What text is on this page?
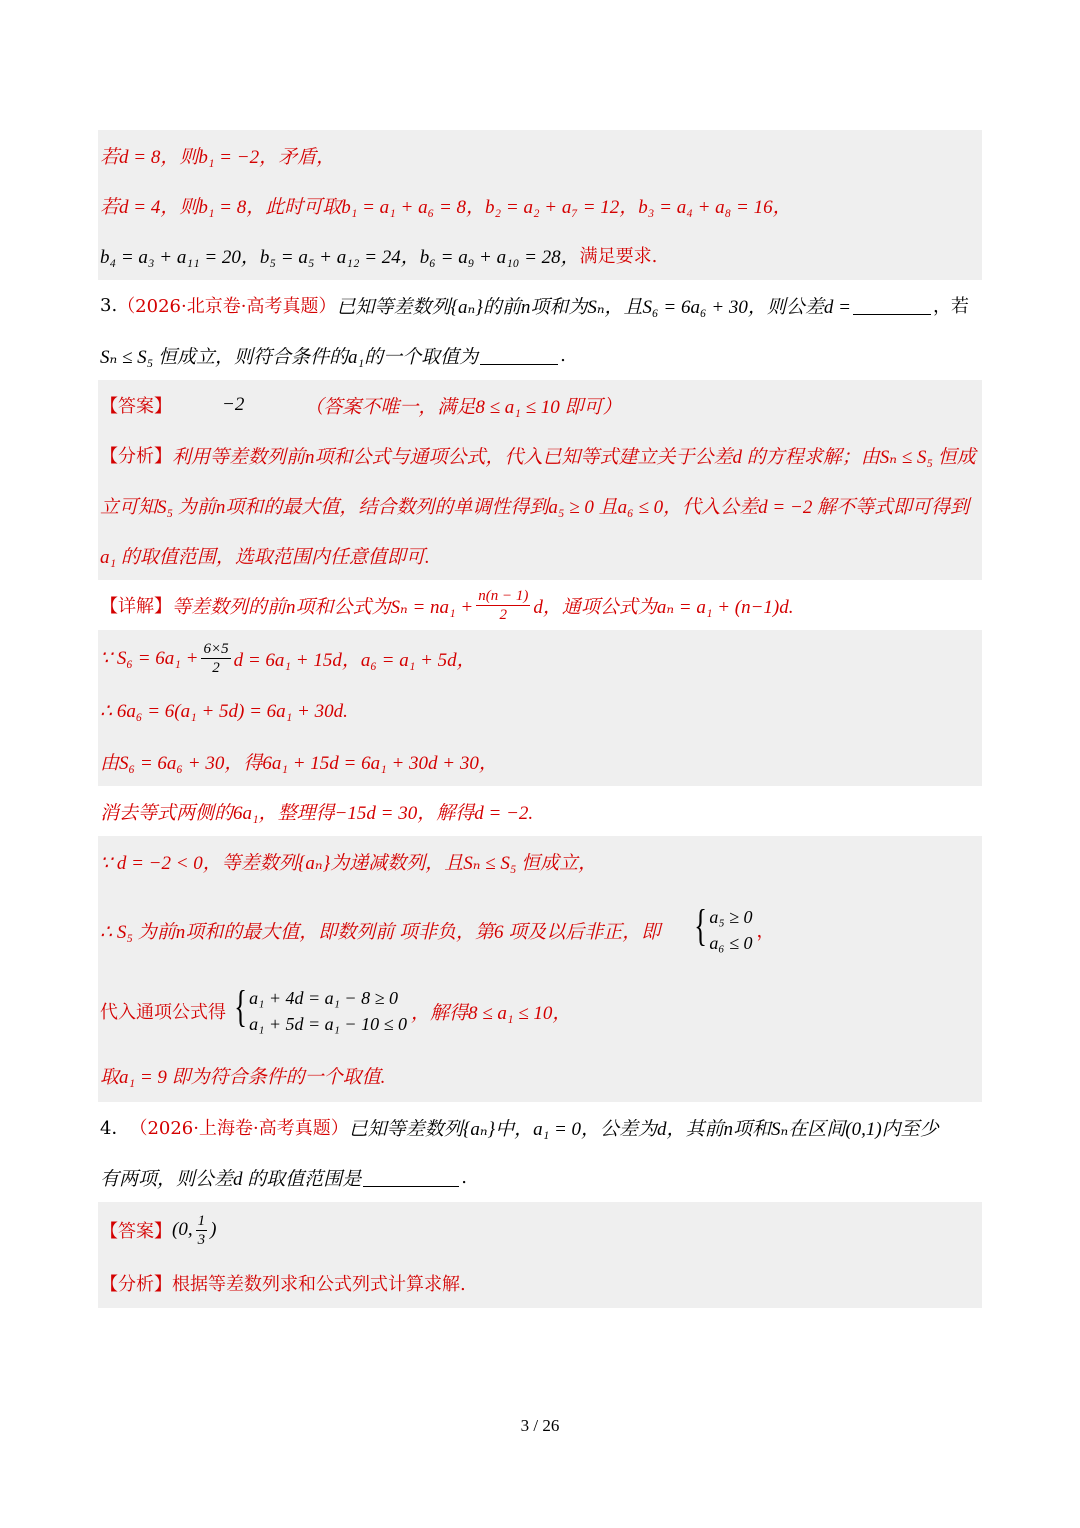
若d = 8，则b₁ = −2，矛盾，
若d = 4，则b₁ = 8，此时可取b₁ = a₁ + a₆ = 8，b₂ = a₂ + a₇ = 12，b₃ = a₄ + a₈ = 16，
b₄ = a₃ + a₁₁ = 20，b₅ = a₅ + a₁₂ = 24，b₆ = a₉ + a₁₀ = 28， 满足要求.
3. （2026·北京卷·高考真题） 已知等差数列{aₙ}的前n项和为Sₙ，且S₆ = 6a₆ + 30，则公差d =	，若
Sₙ ≤ S₅ 恒成立，则符合条件的a₁的一个取值为	.
【答案】	−2	（答案不唯一，满足8 ≤ a₁ ≤ 10 即可）
【分析】 利用等差数列前n项和公式与通项公式，代入已知等式建立关于公差d 的方程求解；由Sₙ ≤ S₅ 恒成
立可知S₅ 为前n项和的最大值，结合数列的单调性得到a₅ ≥ 0 且a₆ ≤ 0，代入公差d = −2 解不等式即可得到
a₁ 的取值范围，选取范围内任意值即可.
【详解】 等差数列的前n项和公式为$S_n = na_1 + \frac{n(n - 1)}{2}$ d，通项公式为aₙ = a₁ + (n−1)d.
∵ $S_6 = 6a_1 + \frac{6\times 5}{2}$ d = 6a₁ + 15d，a₆ = a₁ + 5d，
∴ 6a₆ = 6(a₁ + 5d) = 6a₁ + 30d.
由S₆ = 6a₆ + 30，得6a₁ + 15d = 6a₁ + 30d + 30，
消去等式两侧的6a₁，整理得−15d = 30，解得d = −2.
∵ d = −2 < 0，等差数列{aₙ}为递减数列，且Sₙ ≤ S₅ 恒成立，
∴ S₅ 为前n项和的最大值，即数列前 项非负，第6 项及以后非正，即 { a₅ ≥ 0
a₆ ≤ 0
，
代入通项公式得 { a₁ + 4d = a₁ − 8 ≥ 0
a₁ + 5d = a₁ − 10 ≤ 0
，解得8 ≤ a₁ ≤ 10，
取a₁ = 9 即为符合条件的一个取值.
4． （2026·上海卷·高考真题） 已知等差数列{aₙ}中，a₁ = 0，公差为d，其前n项和Sₙ在区间(0,1)内至少
有两项，则公差d 的取值范围是	.
【答案】 (0, $\frac{1}{3}$ )
【分析】 根据等差数列求和公式列式计算求解.
3 / 26
